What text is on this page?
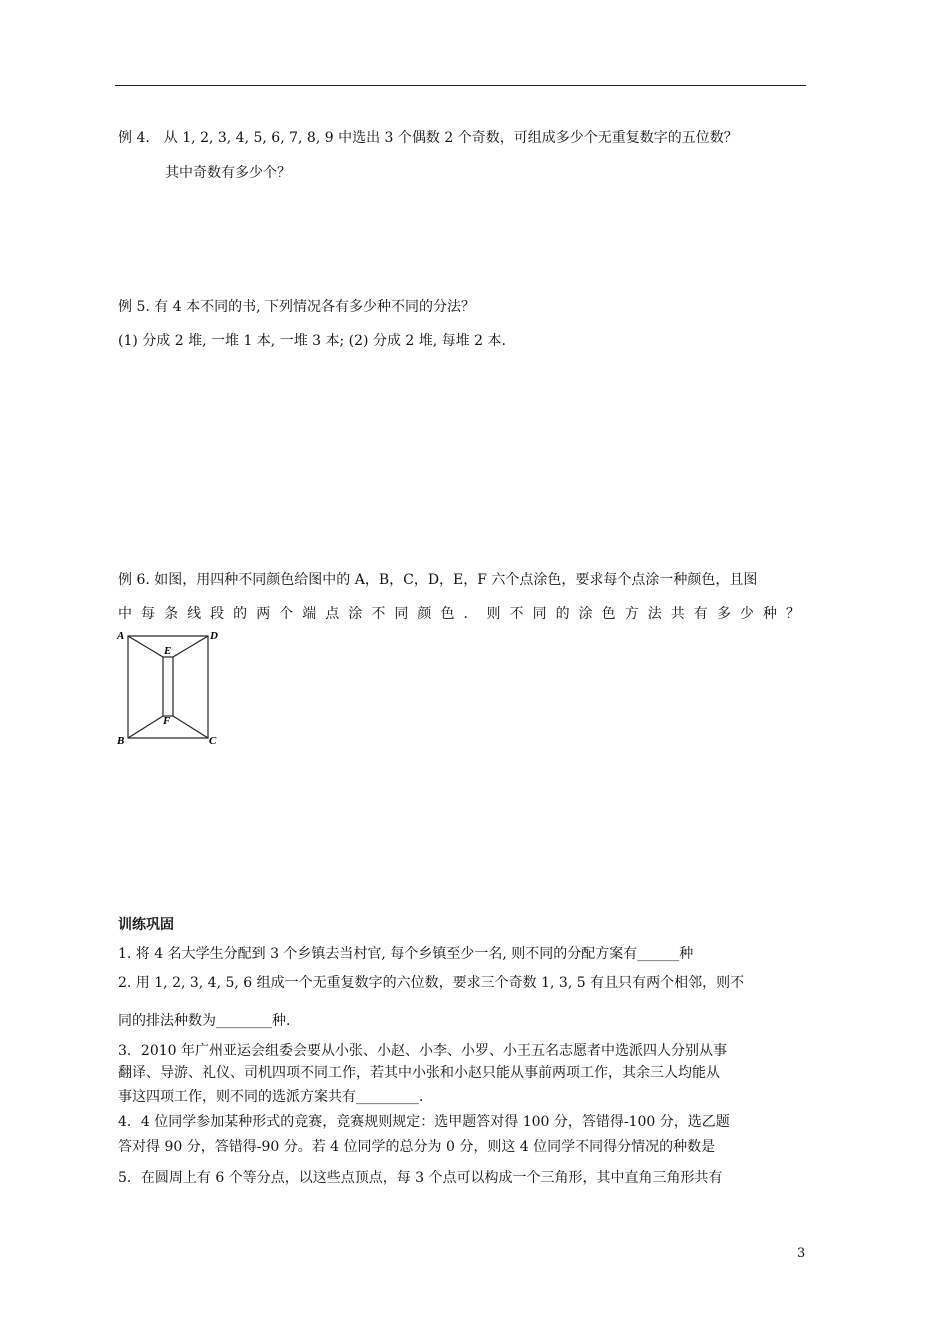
例 4.　从 1, 2, 3, 4, 5, 6, 7, 8, 9 中选出 3 个偶数 2 个奇数，可组成多少个无重复数字的五位数？
其中奇数有多少个？
例 5. 有 4 本不同的书, 下列情况各有多少种不同的分法？
(1) 分成 2 堆, 一堆 1 本, 一堆 3 本; (2) 分成 2 堆, 每堆 2 本.
例 6. 如图，用四种不同颜色给图中的 A，B，C，D，E，F 六个点涂色，要求每个点涂一种颜色，且图
中 每 条 线 段 的 两 个 端 点 涂 不 同 颜 色 ． 则 不 同 的 涂 色 方 法 共 有 多 少 种 ？
A	D
E
F
B	C
训练巩固
1. 将 4 名大学生分配到 3 个乡镇去当村官, 每个乡镇至少一名, 则不同的分配方案有______种
2. 用 1, 2, 3, 4, 5, 6 组成一个无重复数字的六位数，要求三个奇数 1, 3, 5 有且只有两个相邻，则不
同的排法种数为________种.
3．2010 年广州亚运会组委会要从小张、小赵、小李、小罗、小王五名志愿者中选派四人分别从事
翻译、导游、礼仪、司机四项不同工作，若其中小张和小赵只能从事前两项工作，其余三人均能从
事这四项工作，则不同的选派方案共有_________．
4．4 位同学参加某种形式的竞赛，竞赛规则规定：选甲题答对得 100 分，答错得-100 分，选乙题
答对得 90 分，答错得-90 分。若 4 位同学的总分为 0 分，则这 4 位同学不同得分情况的种数是
5．在圆周上有 6 个等分点，以这些点顶点，每 3 个点可以构成一个三角形，其中直角三角形共有
3
